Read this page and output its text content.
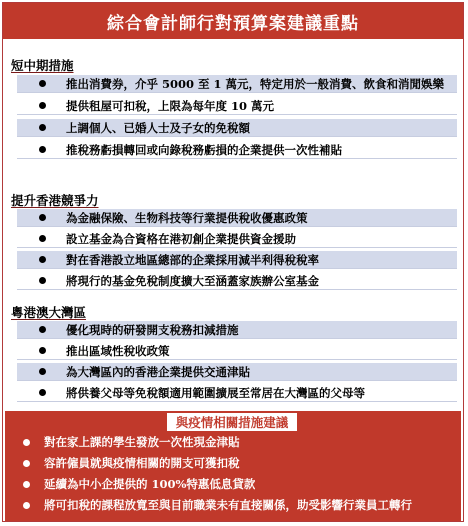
綜合會計師行對預算案建議重點
短中期措施
推出消費券，介乎 5000 至 1 萬元，特定用於一般消費、飲食和消閒娛樂
提供租屋可扣稅，上限為每年度 10 萬元
上調個人、已婚人士及子女的免稅額
推稅務虧損轉回或向錄稅務虧損的企業提供一次性補貼
提升香港競爭力
為金融保險、生物科技等行業提供稅收優惠政策
設立基金為合資格在港初創企業提供資金援助
對在香港設立地區總部的企業採用減半利得稅稅率
將現行的基金免稅制度擴大至涵蓋家族辦公室基金
粵港澳大灣區
優化現時的研發開支稅務扣減措施
推出區域性稅收政策
為大灣區內的香港企業提供交通津貼
將供養父母等免稅額適用範圍擴展至常居在大灣區的父母等
與疫情相關措施建議
對在家上課的學生發放一次性現金津貼
容許僱員就與疫情相關的開支可獲扣稅
延續為中小企提供的 100%特惠低息貸款
將可扣稅的課程放寬至與目前職業未有直接關係，助受影響行業員工轉行
